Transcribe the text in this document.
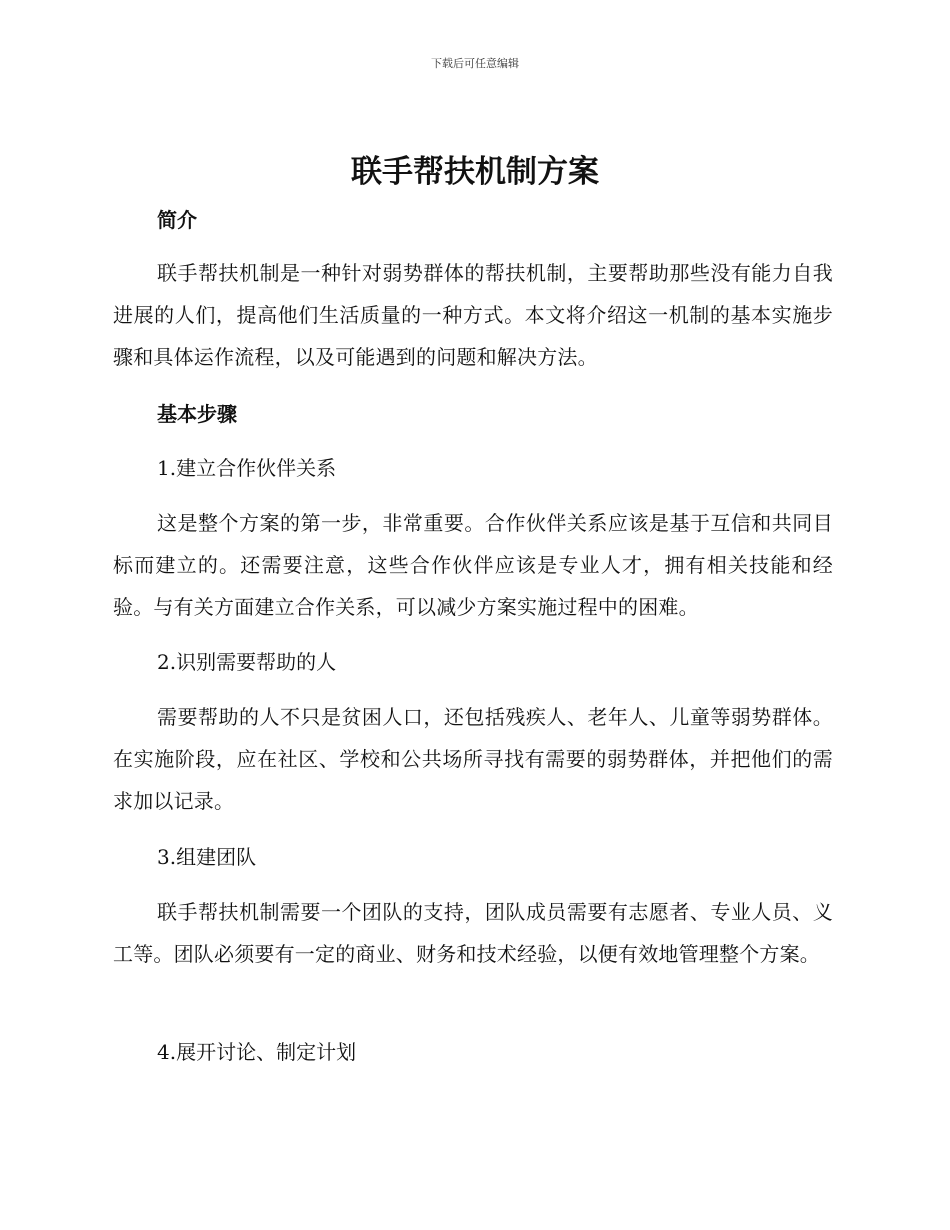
下载后可任意编辑
联手帮扶机制方案
简介

联手帮扶机制是一种针对弱势群体的帮扶机制，主要帮助那些没有能力自我进展的人们，提高他们生活质量的一种方式。本文将介绍这一机制的基本实施步骤和具体运作流程，以及可能遇到的问题和解决方法。

基本步骤
1.建立合作伙伴关系

这是整个方案的第一步，非常重要。合作伙伴关系应该是基于互信和共同目标而建立的。还需要注意，这些合作伙伴应该是专业人才，拥有相关技能和经验。与有关方面建立合作关系，可以减少方案实施过程中的困难。

2.识别需要帮助的人

需要帮助的人不只是贫困人口，还包括残疾人、老年人、儿童等弱势群体。在实施阶段，应在社区、学校和公共场所寻找有需要的弱势群体，并把他们的需求加以记录。

3.组建团队

联手帮扶机制需要一个团队的支持，团队成员需要有志愿者、专业人员、义工等。团队必须要有一定的商业、财务和技术经验，以便有效地管理整个方案。

4.展开讨论、制定计划
